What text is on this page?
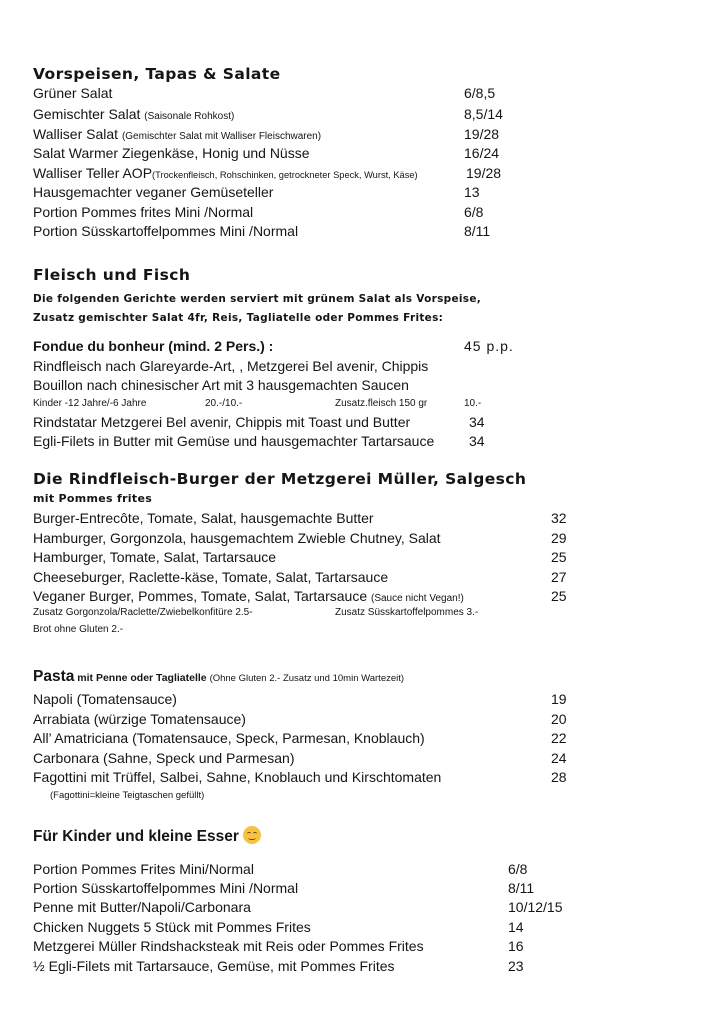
Vorspeisen, Tapas & Salate
Grüner Salat	6/8,5
Gemischter Salat (Saisonale Rohkost)	8,5/14
Walliser Salat (Gemischter Salat mit Walliser Fleischwaren)	19/28
Salat Warmer Ziegenkäse, Honig und Nüsse	16/24
Walliser Teller AOP(Trockenfleisch, Rohschinken, getrockneter Speck, Wurst, Käse)	19/28
Hausgemachter veganer Gemüseteller	13
Portion Pommes frites Mini /Normal	6/8
Portion Süsskartoffelpommes Mini /Normal	8/11
Fleisch und Fisch
Die folgenden Gerichte werden serviert mit grünem Salat als Vorspeise,
Zusatz gemischter Salat 4fr, Reis, Tagliatelle oder Pommes Frites:
Fondue du bonheur (mind. 2 Pers.) :	45 p.p.
Rindfleisch nach Glareyarde-Art, , Metzgerei Bel avenir, Chippis
Bouillon nach chinesischer Art mit 3 hausgemachten Saucen
Kinder -12 Jahre/-6 Jahre	20.-/10.-	Zusatz.fleisch 150 gr	10.-
Rindstatar Metzgerei Bel avenir, Chippis mit Toast und Butter	34
Egli-Filets in Butter mit Gemüse und hausgemachter Tartarsauce 34
Die Rindfleisch-Burger der Metzgerei Müller, Salgesch
mit Pommes frites
Burger-Entrecôte, Tomate, Salat, hausgemachte Butter	32
Hamburger, Gorgonzola, hausgemachtem Zwieble Chutney, Salat	29
Hamburger, Tomate, Salat, Tartarsauce	25
Cheeseburger, Raclette-käse, Tomate, Salat, Tartarsauce	27
Veganer Burger, Pommes, Tomate, Salat, Tartarsauce (Sauce nicht Vegan!)	25
Zusatz Gorgonzola/Raclette/Zwiebelkonfitüre 2.5-	Zusatz Süsskartoffelpommes 3.-
Brot ohne Gluten 2.-
Pasta mit Penne oder Tagliatelle (Ohne Gluten 2.- Zusatz und 10min Wartezeit)
Napoli (Tomatensauce)	19
Arrabiata (würzige Tomatensauce)	20
All’ Amatriciana (Tomatensauce, Speck, Parmesan, Knoblauch)	22
Carbonara (Sahne, Speck und Parmesan)	24
Fagottini mit Trüffel, Salbei, Sahne, Knoblauch und Kirschtomaten	28
(Fagottini=kleine Teigtaschen gefüllt)
Für Kinder und kleine Esser
Portion Pommes Frites Mini/Normal	6/8
Portion Süsskartoffelpommes Mini /Normal	8/11
Penne mit Butter/Napoli/Carbonara	10/12/15
Chicken Nuggets 5 Stück mit Pommes Frites	14
Metzgerei Müller Rindshacksteak mit Reis oder Pommes Frites	16
½ Egli-Filets mit Tartarsauce, Gemüse, mit Pommes Frites	23
